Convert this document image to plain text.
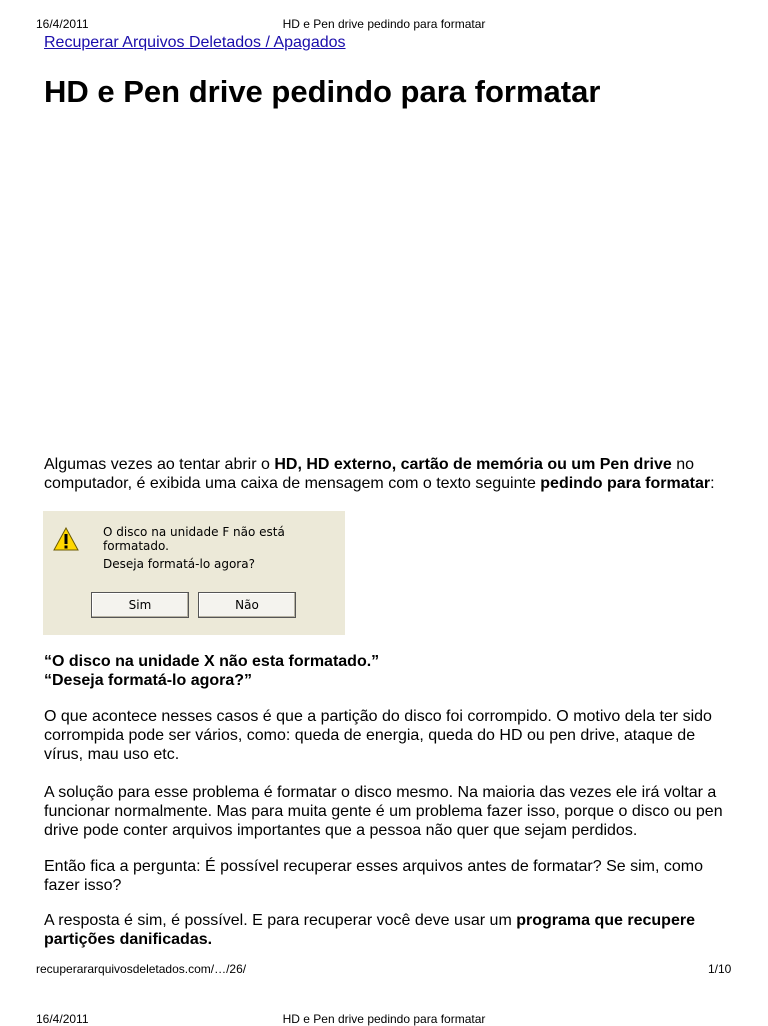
16/4/2011	HD e Pen drive pedindo para formatar
Recuperar Arquivos Deletados / Apagados
HD e Pen drive pedindo para formatar

Algumas vezes ao tentar abrir o HD, HD externo, cartão de memória ou um Pen drive no computador, é exibida uma caixa de mensagem com o texto seguinte pedindo para formatar:

O disco na unidade F não está formatado.
Deseja formatá-lo agora?
Sim	Não

“O disco na unidade X não esta formatado.”
“Deseja formatá-lo agora?”

O que acontece nesses casos é que a partição do disco foi corrompido. O motivo dela ter sido corrompida pode ser vários, como: queda de energia, queda do HD ou pen drive, ataque de vírus, mau uso etc.

A solução para esse problema é formatar o disco mesmo. Na maioria das vezes ele irá voltar a funcionar normalmente. Mas para muita gente é um problema fazer isso, porque o disco ou pen drive pode conter arquivos importantes que a pessoa não quer que sejam perdidos.

Então fica a pergunta: É possível recuperar esses arquivos antes de formatar? Se sim, como fazer isso?

A resposta é sim, é possível. E para recuperar você deve usar um programa que recupere partições danificadas.

recuperararquivosdeletados.com/…/26/	1/10
16/4/2011	HD e Pen drive pedindo para formatar
